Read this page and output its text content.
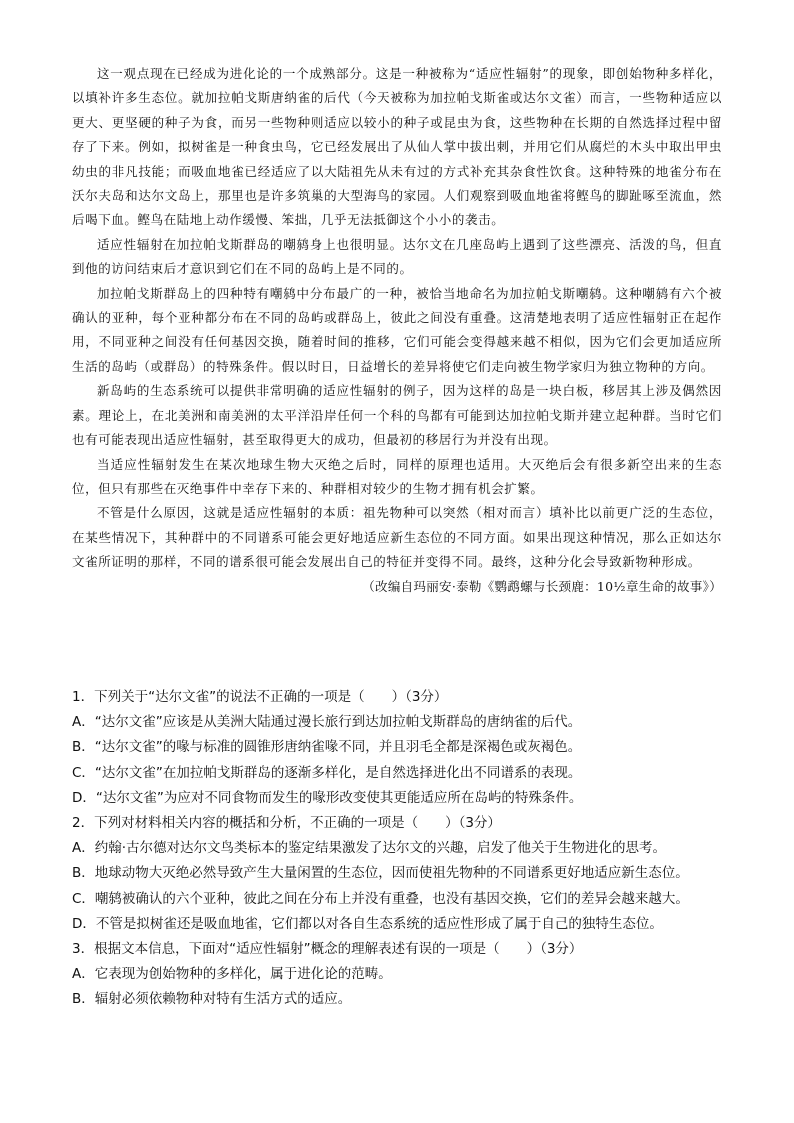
这一观点现在已经成为进化论的一个成熟部分。这是一种被称为“适应性辐射”的现象，即创始物种多样化，以填补许多生态位。就加拉帕戈斯唐纳雀的后代（今天被称为加拉帕戈斯雀或达尔文雀）而言，一些物种适应以更大、更坚硬的种子为食，而另一些物种则适应以较小的种子或昆虫为食，这些物种在长期的自然选择过程中留存了下来。例如，拟树雀是一种食虫鸟，它已经发展出了从仙人掌中拔出刺，并用它们从腐烂的木头中取出甲虫幼虫的非凡技能；而吸血地雀已经适应了以大陆祖先从未有过的方式补充其杂食性饮食。这种特殊的地雀分布在沃尔夫岛和达尔文岛上，那里也是许多筑巢的大型海鸟的家园。人们观察到吸血地雀将鲣鸟的脚趾啄至流血，然后喝下血。鲣鸟在陆地上动作缓慢、笨拙，几乎无法抵御这个小小的袭击。

适应性辐射在加拉帕戈斯群岛的嘲鸫身上也很明显。达尔文在几座岛屿上遇到了这些漂亮、活泼的鸟，但直到他的访问结束后才意识到它们在不同的岛屿上是不同的。

加拉帕戈斯群岛上的四种特有嘲鸫中分布最广的一种，被恰当地命名为加拉帕戈斯嘲鸫。这种嘲鸫有六个被确认的亚种，每个亚种都分布在不同的岛屿或群岛上，彼此之间没有重叠。这清楚地表明了适应性辐射正在起作用，不同亚种之间没有任何基因交换，随着时间的推移，它们可能会变得越来越不相似，因为它们会更加适应所生活的岛屿（或群岛）的特殊条件。假以时日，日益增长的差异将使它们走向被生物学家归为独立物种的方向。

新岛屿的生态系统可以提供非常明确的适应性辐射的例子，因为这样的岛是一块白板，移居其上涉及偶然因素。理论上，在北美洲和南美洲的太平洋沿岸任何一个科的鸟都有可能到达加拉帕戈斯并建立起种群。当时它们也有可能表现出适应性辐射，甚至取得更大的成功，但最初的移居行为并没有出现。

当适应性辐射发生在某次地球生物大灭绝之后时，同样的原理也适用。大灭绝后会有很多新空出来的生态位，但只有那些在灭绝事件中幸存下来的、种群相对较少的生物才拥有机会扩繁。

不管是什么原因，这就是适应性辐射的本质：祖先物种可以突然（相对而言）填补比以前更广泛的生态位，在某些情况下，其种群中的不同谱系可能会更好地适应新生态位的不同方面。如果出现这种情况，那么正如达尔文雀所证明的那样，不同的谱系很可能会发展出自己的特征并变得不同。最终，这种分化会导致新物种形成。

（改编自玛丽安·泰勒《鹦鹉螺与长颈鹿：10½章生命的故事》）

1．下列关于“达尔文雀”的说法不正确的一项是（　　）（3分）

A．“达尔文雀”应该是从美洲大陆通过漫长旅行到达加拉帕戈斯群岛的唐纳雀的后代。

B．“达尔文雀”的喙与标准的圆锥形唐纳雀喙不同，并且羽毛全都是深褐色或灰褐色。

C．“达尔文雀”在加拉帕戈斯群岛的逐渐多样化，是自然选择进化出不同谱系的表现。

D．“达尔文雀”为应对不同食物而发生的喙形改变使其更能适应所在岛屿的特殊条件。

2．下列对材料相关内容的概括和分析，不正确的一项是（　　）（3分）

A．约翰·古尔德对达尔文鸟类标本的鉴定结果激发了达尔文的兴趣，启发了他关于生物进化的思考。

B．地球动物大灭绝必然导致产生大量闲置的生态位，因而使祖先物种的不同谱系更好地适应新生态位。

C．嘲鸫被确认的六个亚种，彼此之间在分布上并没有重叠，也没有基因交换，它们的差异会越来越大。

D．不管是拟树雀还是吸血地雀，它们都以对各自生态系统的适应性形成了属于自己的独特生态位。

3．根据文本信息，下面对“适应性辐射”概念的理解表述有误的一项是（　　）（3分）

A．它表现为创始物种的多样化，属于进化论的范畴。

B．辐射必须依赖物种对特有生活方式的适应。
